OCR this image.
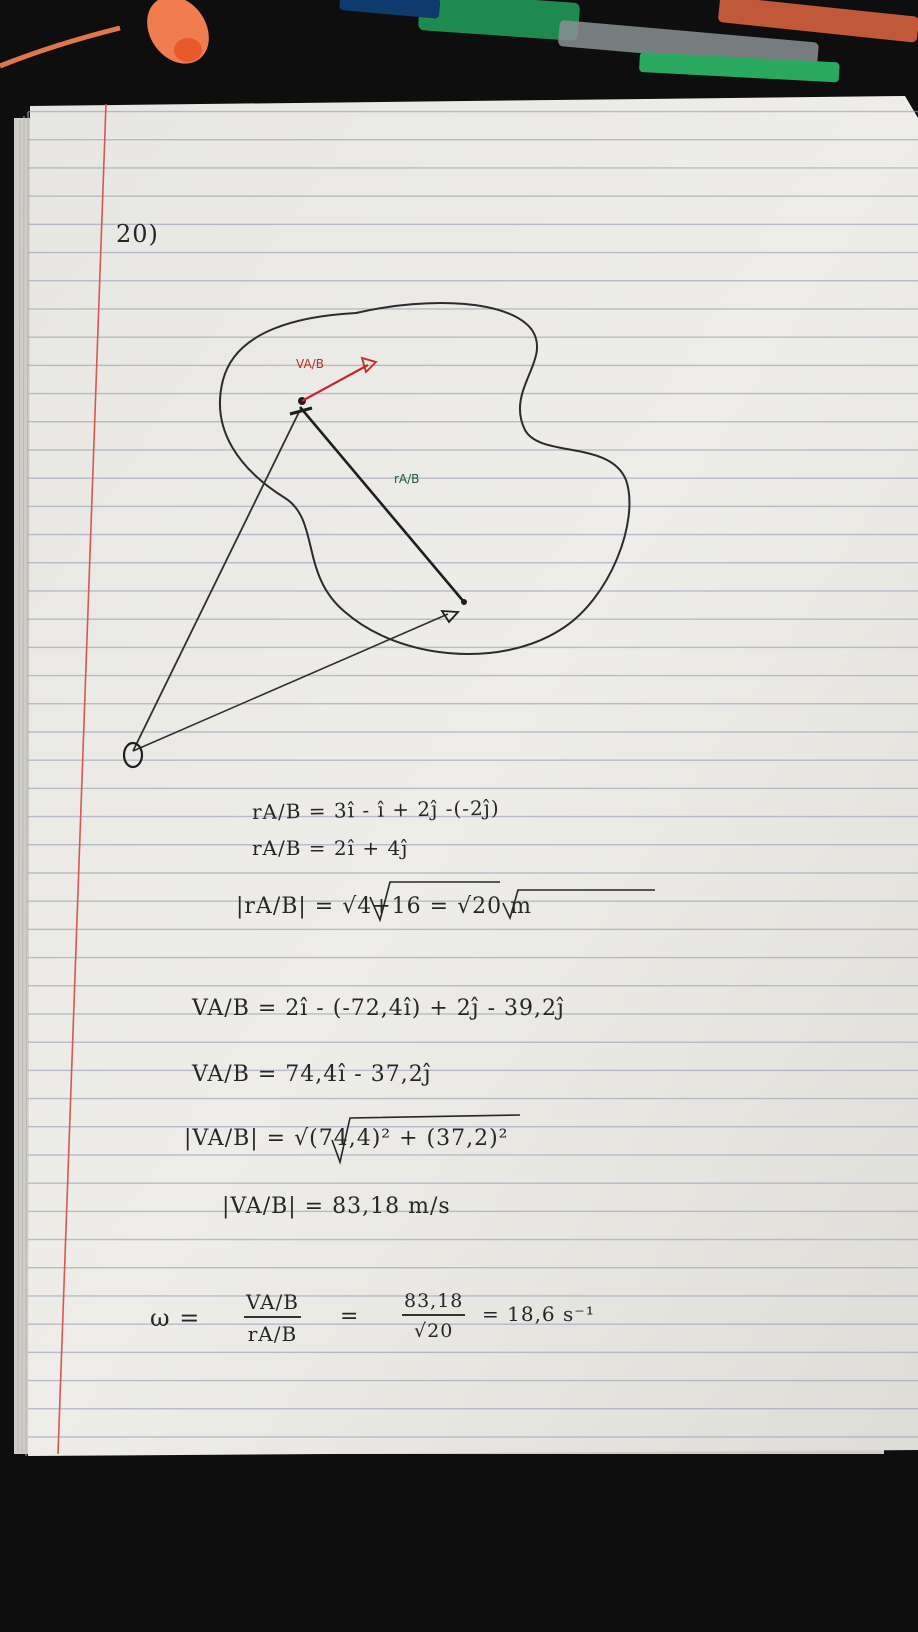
20)
VA/B
rA/B
rA/B = 3î - î + 2ĵ -(-2ĵ)
rA/B = 2î + 4ĵ
|rA/B| = √4+16 = √20 m
VA/B = 2î - (-72,4î) + 2ĵ - 39,2ĵ
VA/B = 74,4î - 37,2ĵ
|VA/B| = √(74,4)² + (37,2)²
|VA/B| = 83,18 m/s
$\omega = \frac{VA/B}{rA/B} = \frac{83,18}{√20} = 18,6$ s⁻¹
